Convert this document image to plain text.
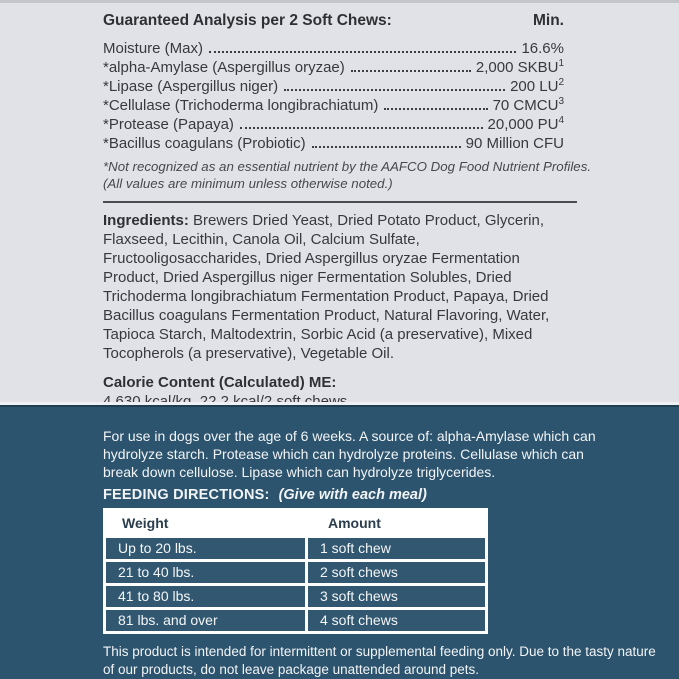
Guaranteed Analysis per 2 Soft Chews:	Min.
Moisture (Max)	16.6%
*alpha-Amylase (Aspergillus oryzae)	2,000 SKBU$^1$
*Lipase (Aspergillus niger)	200 $LU^2$
*Cellulase (Trichoderma longibrachiatum)	70 CMCU$^3$
*Protease (Papaya)	20,000 $PU^4$
*Bacillus coagulans (Probiotic)	90 Million CFU
*Not recognized as an essential nutrient by the AAFCO Dog Food Nutrient Profiles.
(All values are minimum unless otherwise noted.)

Ingredients: Brewers Dried Yeast, Dried Potato Product, Glycerin, Flaxseed, Lecithin, Canola Oil, Calcium Sulfate, Fructooligosaccharides, Dried Aspergillus oryzae Fermentation Product, Dried Aspergillus niger Fermentation Solubles, Dried Trichoderma longibrachiatum Fermentation Product, Papaya, Dried Bacillus coagulans Fermentation Product, Natural Flavoring, Water, Tapioca Starch, Maltodextrin, Sorbic Acid (a preservative), Mixed Tocopherols (a preservative), Vegetable Oil.

Calorie Content (Calculated) ME:

For use in dogs over the age of 6 weeks. A source of: alpha-Amylase which can hydrolyze starch. Protease which can hydrolyze proteins. Cellulase which can break down cellulose. Lipase which can hydrolyze triglycerides.

FEEDING DIRECTIONS: (Give with each meal)
Weight	Amount
Up to 20 lbs.	1 soft chew
21 to 40 lbs.	2 soft chews
41 to 80 lbs.	3 soft chews
81 lbs. and over	4 soft chews

This product is intended for intermittent or supplemental feeding only. Due to the tasty nature of our products, do not leave package unattended around pets.
